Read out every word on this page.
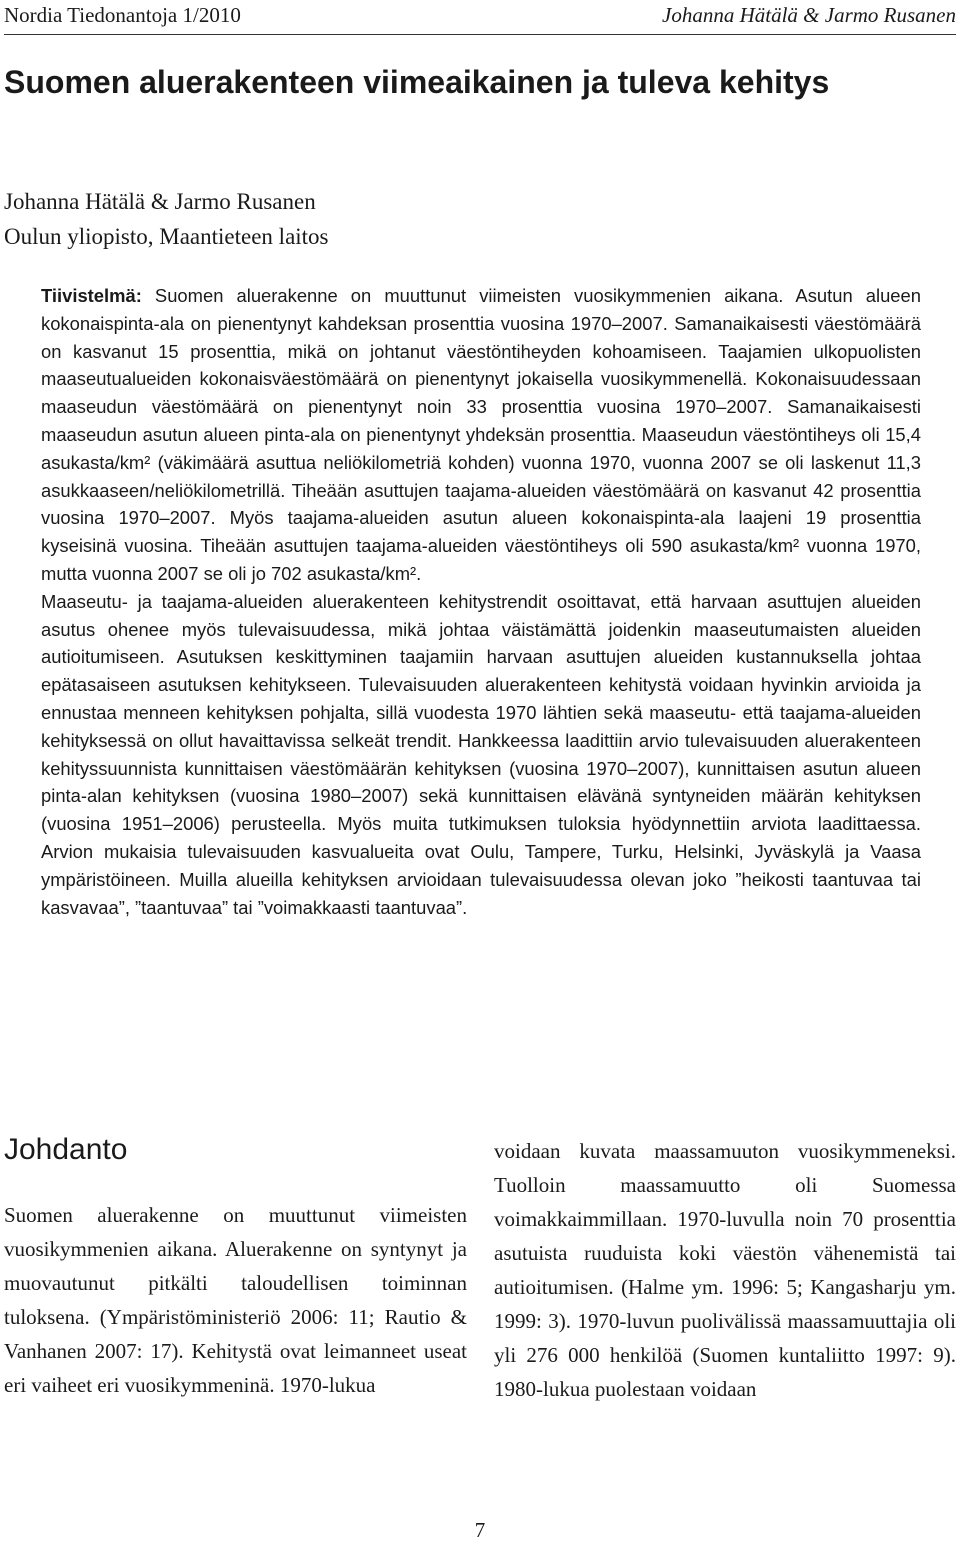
Nordia Tiedonantoja 1/2010	Johanna Hätälä & Jarmo Rusanen
Suomen aluerakenteen viimeaikainen ja tuleva kehitys
Johanna Hätälä & Jarmo Rusanen
Oulun yliopisto, Maantieteen laitos

Tiivistelmä: Suomen aluerakenne on muuttunut viimeisten vuosikymmenien aikana. Asutun alueen kokonaispinta-ala on pienentynyt kahdeksan prosenttia vuosina 1970–2007. Samanaikaisesti väestömäärä on kasvanut 15 prosenttia, mikä on johtanut väestöntiheyden kohoamiseen. Taajamien ulkopuolisten maaseutualueiden kokonaisväestömäärä on pienentynyt jokaisella vuosikymmenellä. Kokonaisuudessaan maaseudun väestömäärä on pienentynyt noin 33 prosenttia vuosina 1970–2007. Samanaikaisesti maaseudun asutun alueen pinta-ala on pienentynyt yhdeksän prosenttia. Maaseudun väestöntiheys oli 15,4 asukasta/km² (väkimäärä asuttua neliökilometriä kohden) vuonna 1970, vuonna 2007 se oli laskenut 11,3 asukkaaseen/neliökilometrillä. Tiheään asuttujen taajama-alueiden väestömäärä on kasvanut 42 prosenttia vuosina 1970–2007. Myös taajama-alueiden asutun alueen kokonaispinta-ala laajeni 19 prosenttia kyseisinä vuosina. Tiheään asuttujen taajama-alueiden väestöntiheys oli 590 asukasta/km² vuonna 1970, mutta vuonna 2007 se oli jo 702 asukasta/km².

Maaseutu- ja taajama-alueiden aluerakenteen kehitystrendit osoittavat, että harvaan asuttujen alueiden asutus ohenee myös tulevaisuudessa, mikä johtaa väistämättä joidenkin maaseutumaisten alueiden autioitumiseen. Asutuksen keskittyminen taajamiin harvaan asuttujen alueiden kustannuksella johtaa epätasaiseen asutuksen kehitykseen. Tulevaisuuden aluerakenteen kehitystä voidaan hyvinkin arvioida ja ennustaa menneen kehityksen pohjalta, sillä vuodesta 1970 lähtien sekä maaseutu- että taajama-alueiden kehityksessä on ollut havaittavissa selkeät trendit. Hankkeessa laadittiin arvio tulevaisuuden aluerakenteen kehityssuunnista kunnittaisen väestömäärän kehityksen (vuosina 1970–2007), kunnittaisen asutun alueen pinta-alan kehityksen (vuosina 1980–2007) sekä kunnittaisen elävänä syntyneiden määrän kehityksen (vuosina 1951–2006) perusteella. Myös muita tutkimuksen tuloksia hyödynnettiin arviota laadittaessa. Arvion mukaisia tulevaisuuden kasvualueita ovat Oulu, Tampere, Turku, Helsinki, Jyväskylä ja Vaasa ympäristöineen. Muilla alueilla kehityksen arvioidaan tulevaisuudessa olevan joko ”heikosti taantuvaa tai kasvavaa”, ”taantuvaa” tai ”voimakkaasti taantuvaa”.

Johdanto

Suomen aluerakenne on muuttunut viimeisten vuosikymmenien aikana. Aluerakenne on syntynyt ja muovautunut pitkälti taloudellisen toiminnan tuloksena. (Ympäristöministeriö 2006: 11; Rautio & Vanhanen 2007: 17). Kehitystä ovat leimanneet useat eri vaiheet eri vuosikymmeninä. 1970-lukua

voidaan kuvata maassamuuton vuosikymmeneksi. Tuolloin maassamuutto oli Suomessa voimakkaimmillaan. 1970-luvulla noin 70 prosenttia asutuista ruuduista koki väestön vähenemistä tai autioitumisen. (Halme ym. 1996: 5; Kangasharju ym. 1999: 3). 1970-luvun puolivälissä maassamuuttajia oli yli 276 000 henkilöä (Suomen kuntaliitto 1997: 9). 1980-lukua puolestaan voidaan

7
